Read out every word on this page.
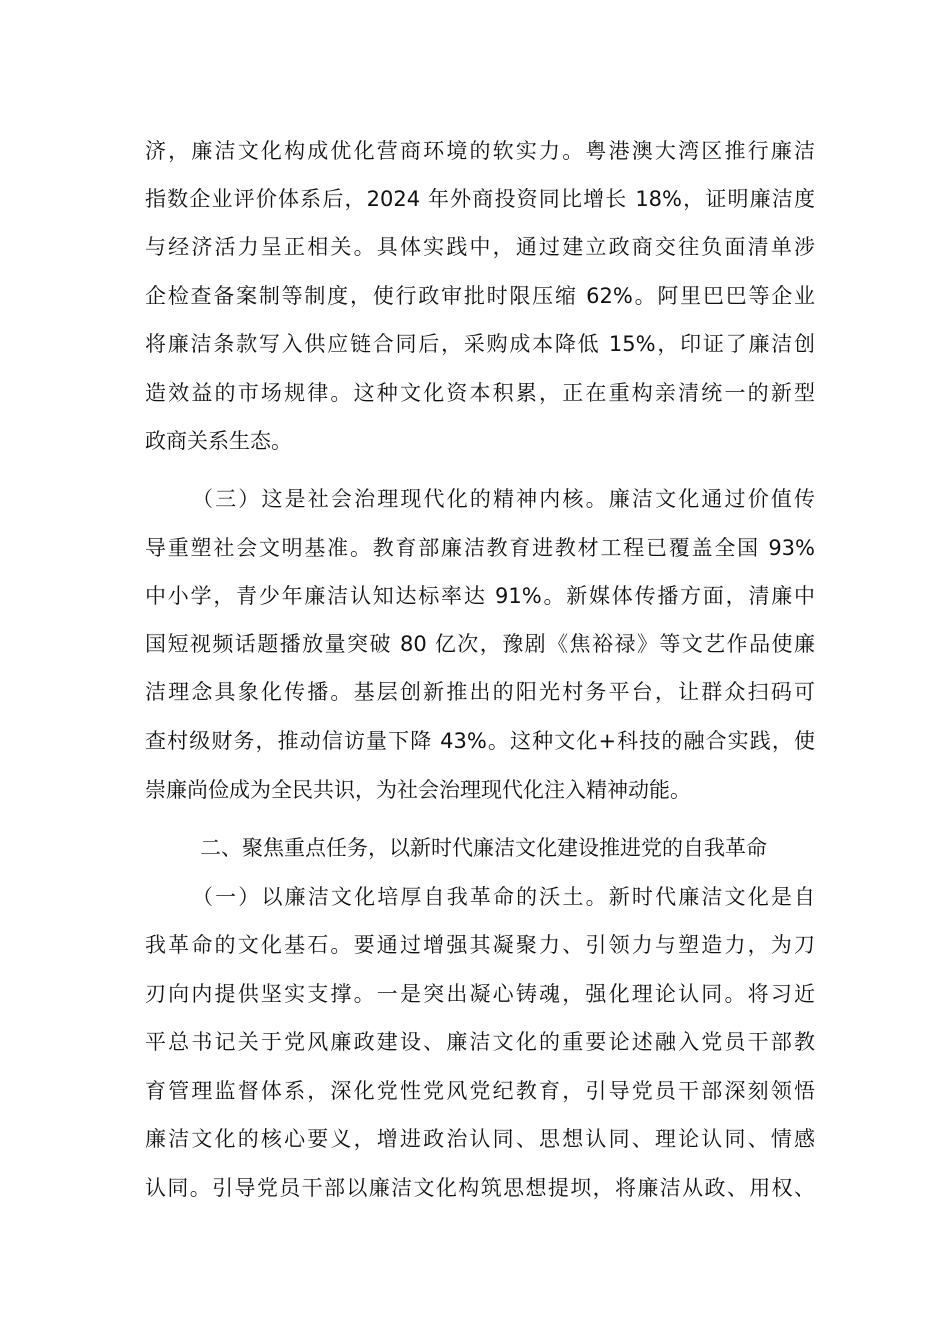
济，廉洁文化构成优化营商环境的软实力。粤港澳大湾区推行廉洁
指数企业评价体系后，2024 年外商投资同比增长 18%，证明廉洁度
与经济活力呈正相关。具体实践中，通过建立政商交往负面清单涉
企检查备案制等制度，使行政审批时限压缩 62%。阿里巴巴等企业
将廉洁条款写入供应链合同后，采购成本降低 15%，印证了廉洁创
造效益的市场规律。这种文化资本积累，正在重构亲清统一的新型
政商关系生态。
（三）这是社会治理现代化的精神内核。廉洁文化通过价值传
导重塑社会文明基准。教育部廉洁教育进教材工程已覆盖全国 93%
中小学，青少年廉洁认知达标率达 91%。新媒体传播方面，清廉中
国短视频话题播放量突破 80 亿次，豫剧《焦裕禄》等文艺作品使廉
洁理念具象化传播。基层创新推出的阳光村务平台，让群众扫码可
查村级财务，推动信访量下降 43%。这种文化+科技的融合实践，使
崇廉尚俭成为全民共识，为社会治理现代化注入精神动能。
二、聚焦重点任务，以新时代廉洁文化建设推进党的自我革命
（一）以廉洁文化培厚自我革命的沃土。新时代廉洁文化是自
我革命的文化基石。要通过增强其凝聚力、引领力与塑造力，为刀
刃向内提供坚实支撑。一是突出凝心铸魂，强化理论认同。将习近
平总书记关于党风廉政建设、廉洁文化的重要论述融入党员干部教
育管理监督体系，深化党性党风党纪教育，引导党员干部深刻领悟
廉洁文化的核心要义，增进政治认同、思想认同、理论认同、情感
认同。引导党员干部以廉洁文化构筑思想提坝，将廉洁从政、用权、
